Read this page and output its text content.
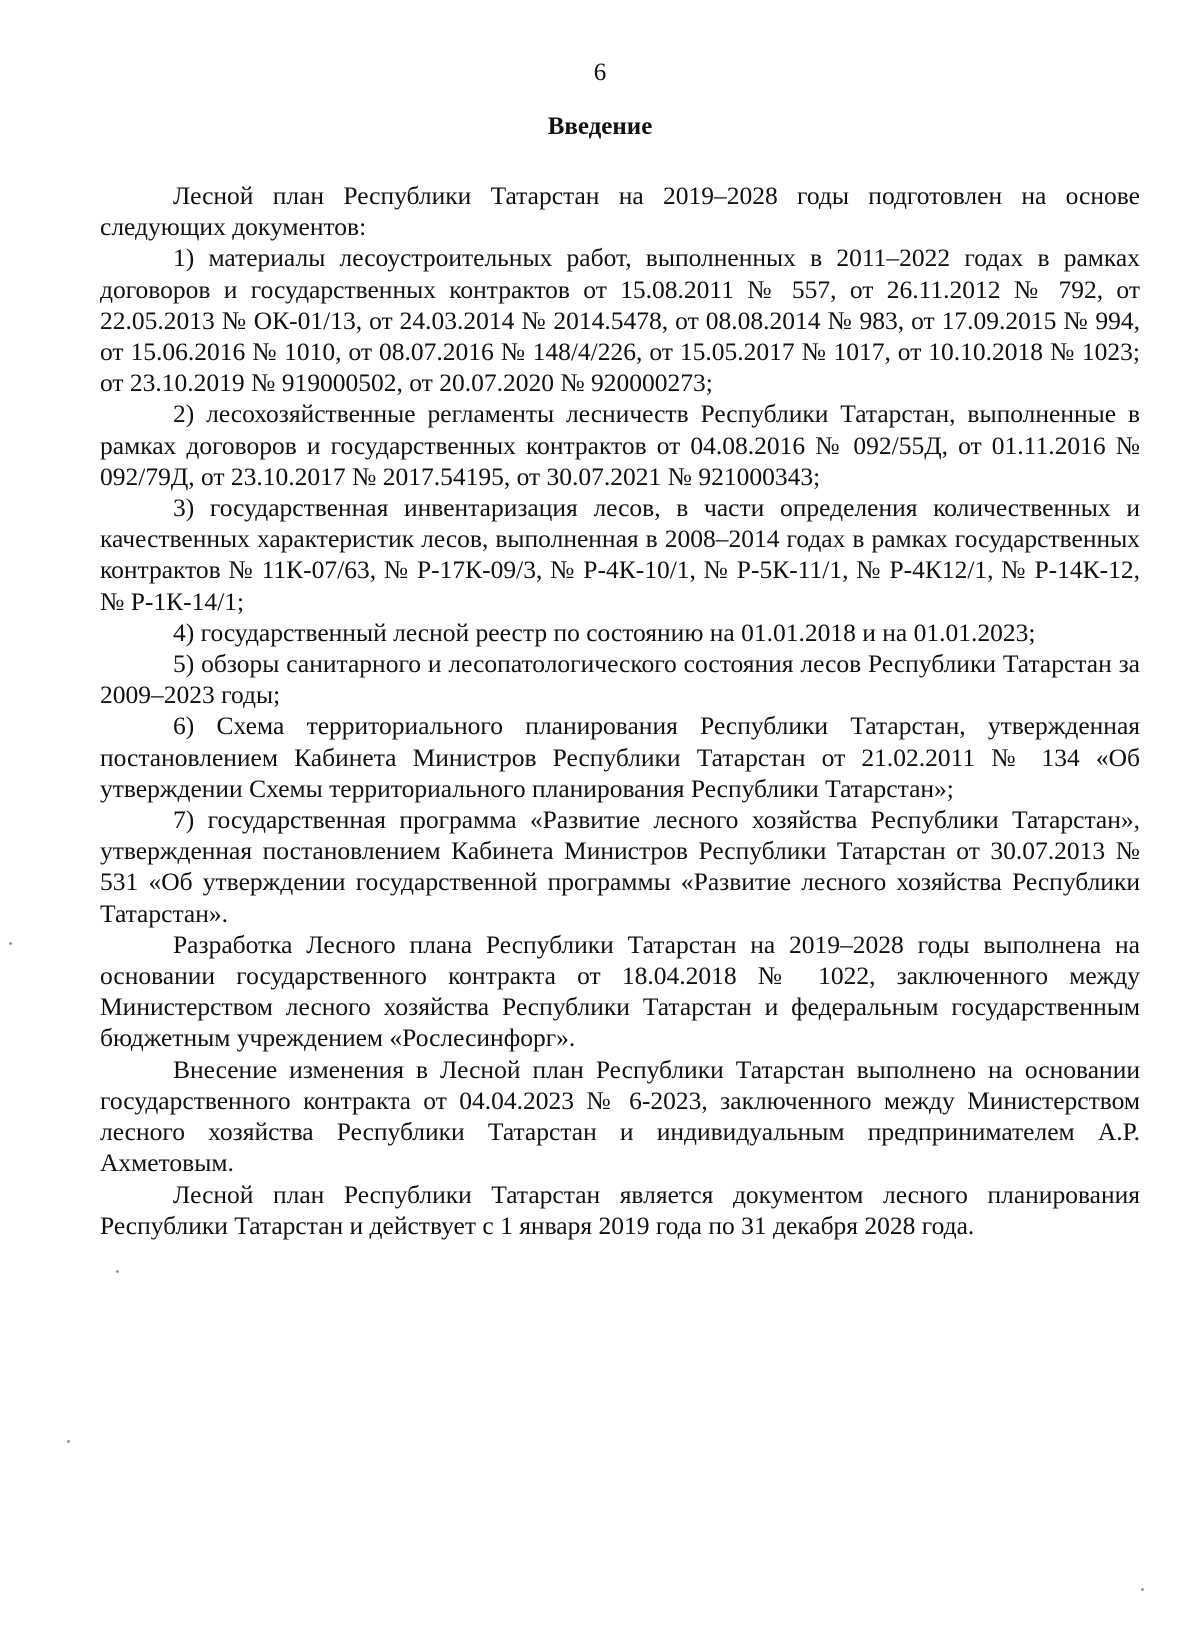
6
Введение

Лесной план Республики Татарстан на 2019–2028 годы подготовлен на основе следующих документов:

1) материалы лесоустроительных работ, выполненных в 2011–2022 годах в рамках договоров и государственных контрактов от 15.08.2011 № 557, от 26.11.2012 № 792, от 22.05.2013 № ОК-01/13, от 24.03.2014 № 2014.5478, от 08.08.2014 № 983, от 17.09.2015 № 994, от 15.06.2016 № 1010, от 08.07.2016 № 148/4/226, от 15.05.2017 № 1017, от 10.10.2018 № 1023; от 23.10.2019 № 919000502, от 20.07.2020 № 920000273;

2) лесохозяйственные регламенты лесничеств Республики Татарстан, выполненные в рамках договоров и государственных контрактов от 04.08.2016 № 092/55Д, от 01.11.2016 № 092/79Д, от 23.10.2017 № 2017.54195, от 30.07.2021 № 921000343;

3) государственная инвентаризация лесов, в части определения количественных и качественных характеристик лесов, выполненная в 2008–2014 годах в рамках государственных контрактов № 11К-07/63, № Р-17К-09/3, № Р-4К-10/1, № Р-5К-11/1, № Р-4К12/1, № Р-14К-12, № Р-1К-14/1;

4) государственный лесной реестр по состоянию на 01.01.2018 и на 01.01.2023;

5) обзоры санитарного и лесопатологического состояния лесов Республики Татарстан за 2009–2023 годы;

6) Схема территориального планирования Республики Татарстан, утвержденная постановлением Кабинета Министров Республики Татарстан от 21.02.2011 № 134 «Об утверждении Схемы территориального планирования Республики Татарстан»;

7) государственная программа «Развитие лесного хозяйства Республики Татарстан», утвержденная постановлением Кабинета Министров Республики Татарстан от 30.07.2013 № 531 «Об утверждении государственной программы «Развитие лесного хозяйства Республики Татарстан».

Разработка Лесного плана Республики Татарстан на 2019–2028 годы выполнена на основании государственного контракта от 18.04.2018 № 1022, заключенного между Министерством лесного хозяйства Республики Татарстан и федеральным государственным бюджетным учреждением «Рослесинфорг».

Внесение изменения в Лесной план Республики Татарстан выполнено на основании государственного контракта от 04.04.2023 № 6-2023, заключенного между Министерством лесного хозяйства Республики Татарстан и индивидуальным предпринимателем А.Р. Ахметовым.

Лесной план Республики Татарстан является документом лесного планирования Республики Татарстан и действует с 1 января 2019 года по 31 декабря 2028 года.
